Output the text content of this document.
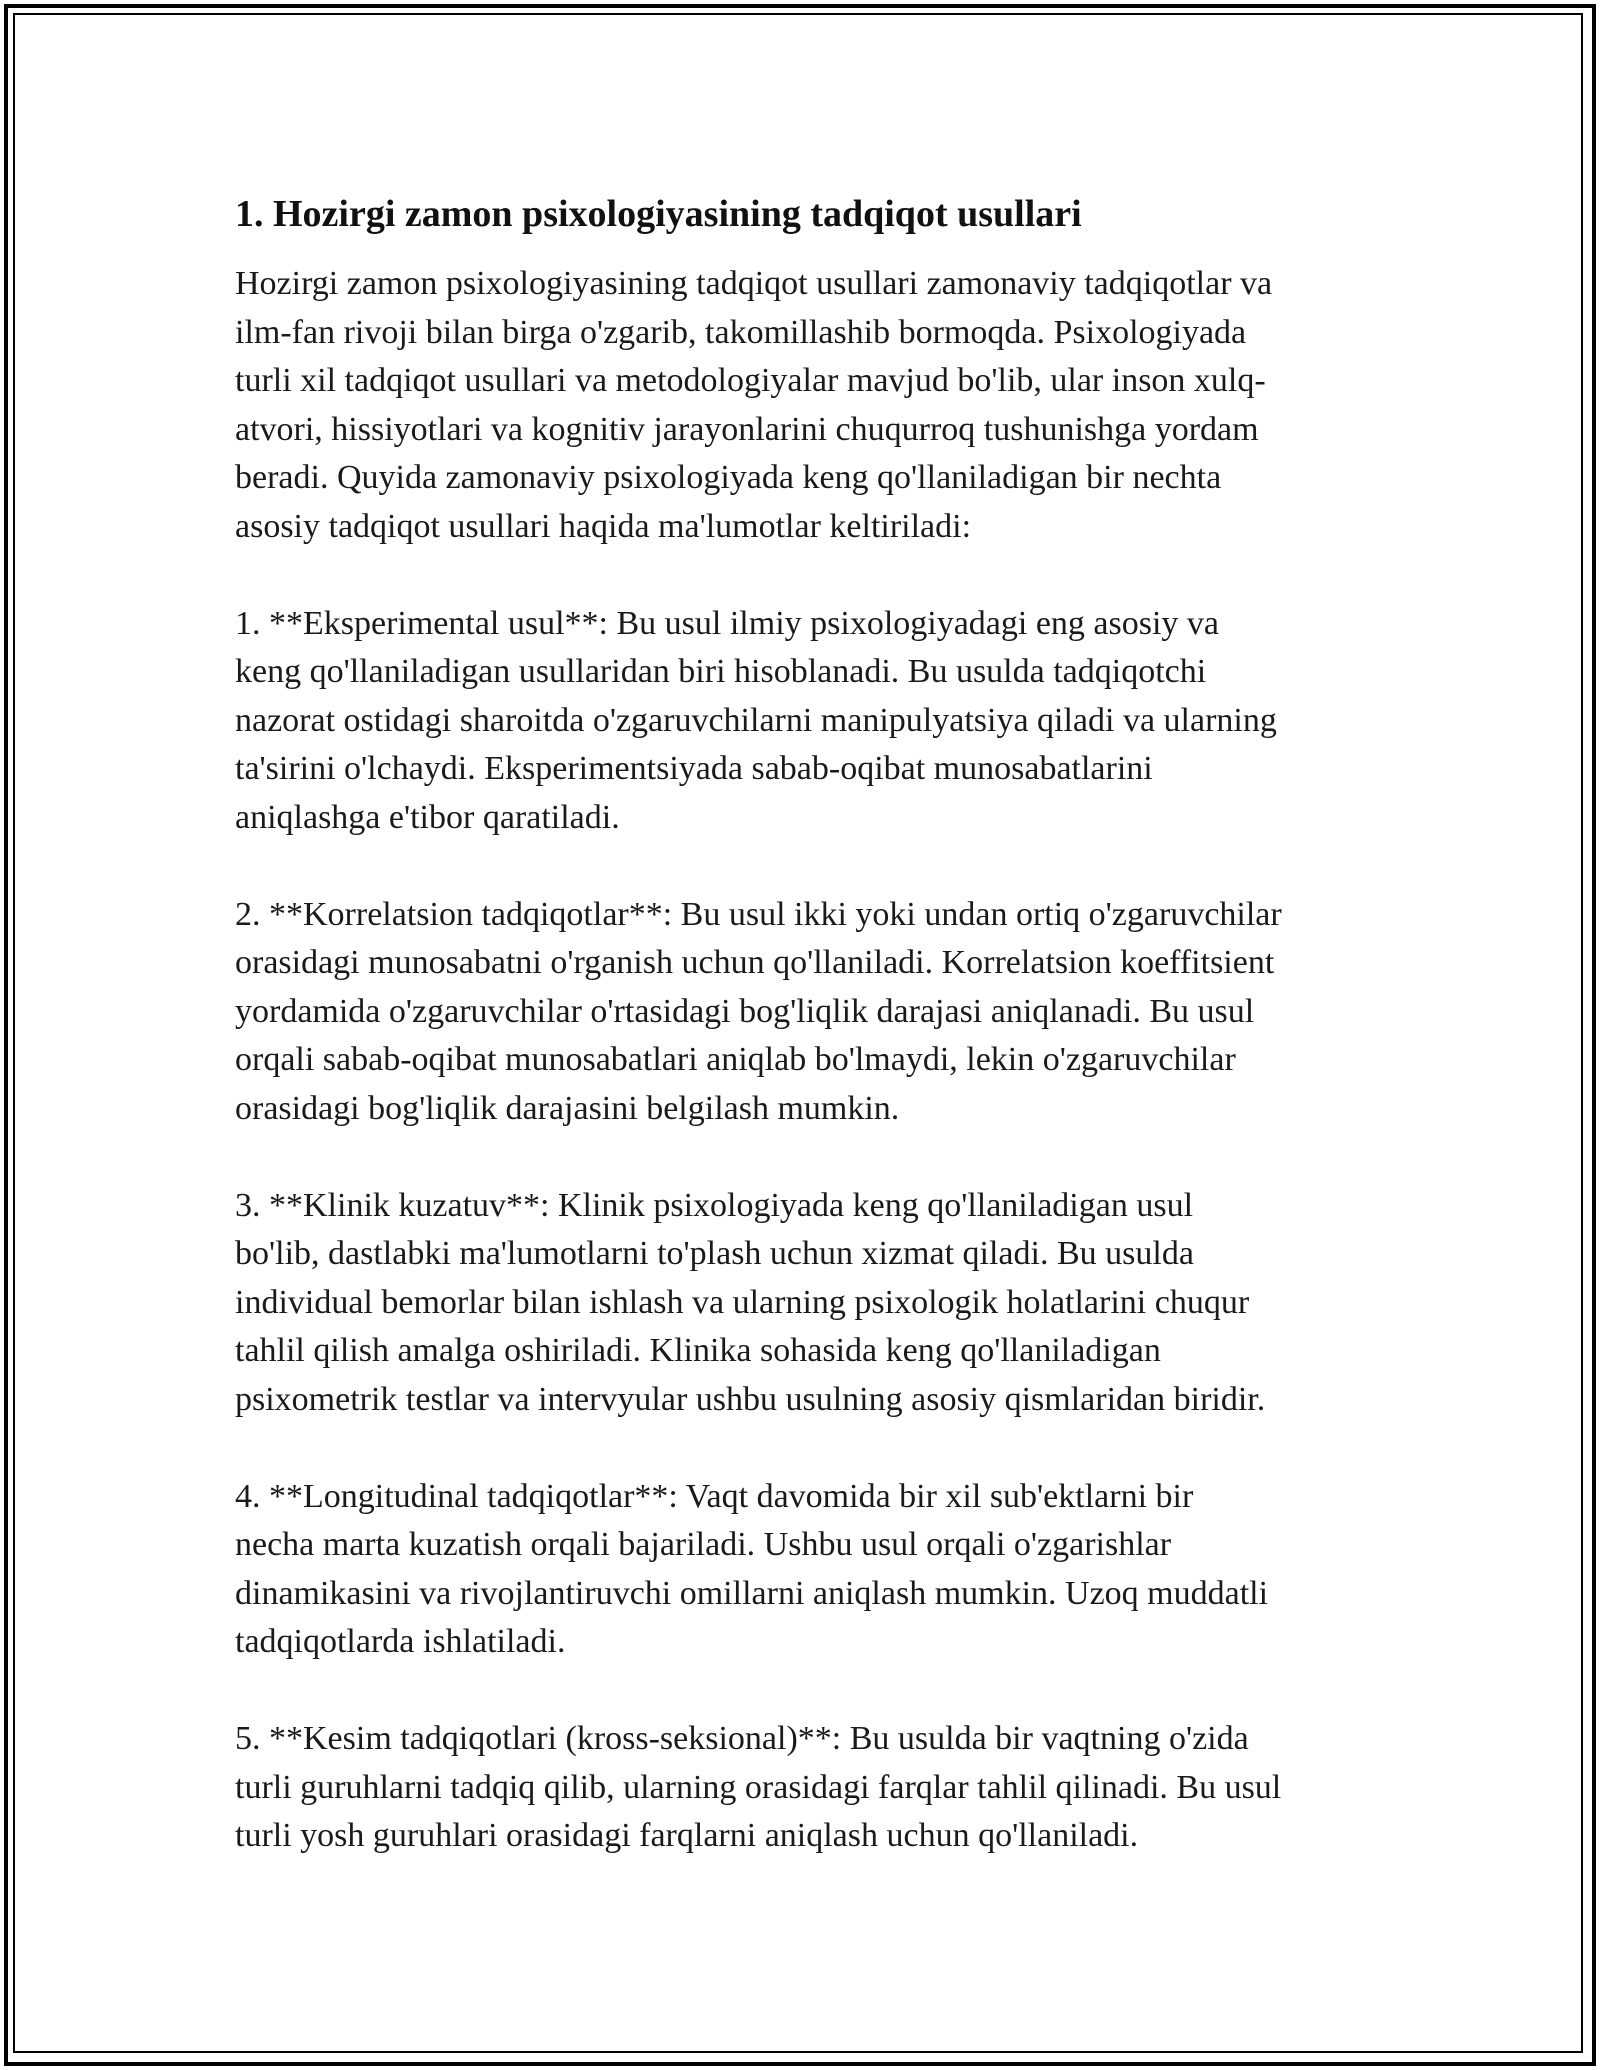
1. Hozirgi zamon psixologiyasining tadqiqot usullari

Hozirgi zamon psixologiyasining tadqiqot usullari zamonaviy tadqiqotlar va
ilm-fan rivoji bilan birga o'zgarib, takomillashib bormoqda. Psixologiyada
turli xil tadqiqot usullari va metodologiyalar mavjud bo'lib, ular inson xulq-
atvori, hissiyotlari va kognitiv jarayonlarini chuqurroq tushunishga yordam
beradi. Quyida zamonaviy psixologiyada keng qo'llaniladigan bir nechta
asosiy tadqiqot usullari haqida ma'lumotlar keltiriladi:

1. **Eksperimental usul**: Bu usul ilmiy psixologiyadagi eng asosiy va
keng qo'llaniladigan usullaridan biri hisoblanadi. Bu usulda tadqiqotchi
nazorat ostidagi sharoitda o'zgaruvchilarni manipulyatsiya qiladi va ularning
ta'sirini o'lchaydi. Eksperimentsiyada sabab-oqibat munosabatlarini
aniqlashga e'tibor qaratiladi.

2. **Korrelatsion tadqiqotlar**: Bu usul ikki yoki undan ortiq o'zgaruvchilar
orasidagi munosabatni o'rganish uchun qo'llaniladi. Korrelatsion koeffitsient
yordamida o'zgaruvchilar o'rtasidagi bog'liqlik darajasi aniqlanadi. Bu usul
orqali sabab-oqibat munosabatlari aniqlab bo'lmaydi, lekin o'zgaruvchilar
orasidagi bog'liqlik darajasini belgilash mumkin.

3. **Klinik kuzatuv**: Klinik psixologiyada keng qo'llaniladigan usul
bo'lib, dastlabki ma'lumotlarni to'plash uchun xizmat qiladi. Bu usulda
individual bemorlar bilan ishlash va ularning psixologik holatlarini chuqur
tahlil qilish amalga oshiriladi. Klinika sohasida keng qo'llaniladigan
psixometrik testlar va intervyular ushbu usulning asosiy qismlaridan biridir.

4. **Longitudinal tadqiqotlar**: Vaqt davomida bir xil sub'ektlarni bir
necha marta kuzatish orqali bajariladi. Ushbu usul orqali o'zgarishlar
dinamikasini va rivojlantiruvchi omillarni aniqlash mumkin. Uzoq muddatli
tadqiqotlarda ishlatiladi.

5. **Kesim tadqiqotlari (kross-seksional)**: Bu usulda bir vaqtning o'zida
turli guruhlarni tadqiq qilib, ularning orasidagi farqlar tahlil qilinadi. Bu usul
turli yosh guruhlari orasidagi farqlarni aniqlash uchun qo'llaniladi.
